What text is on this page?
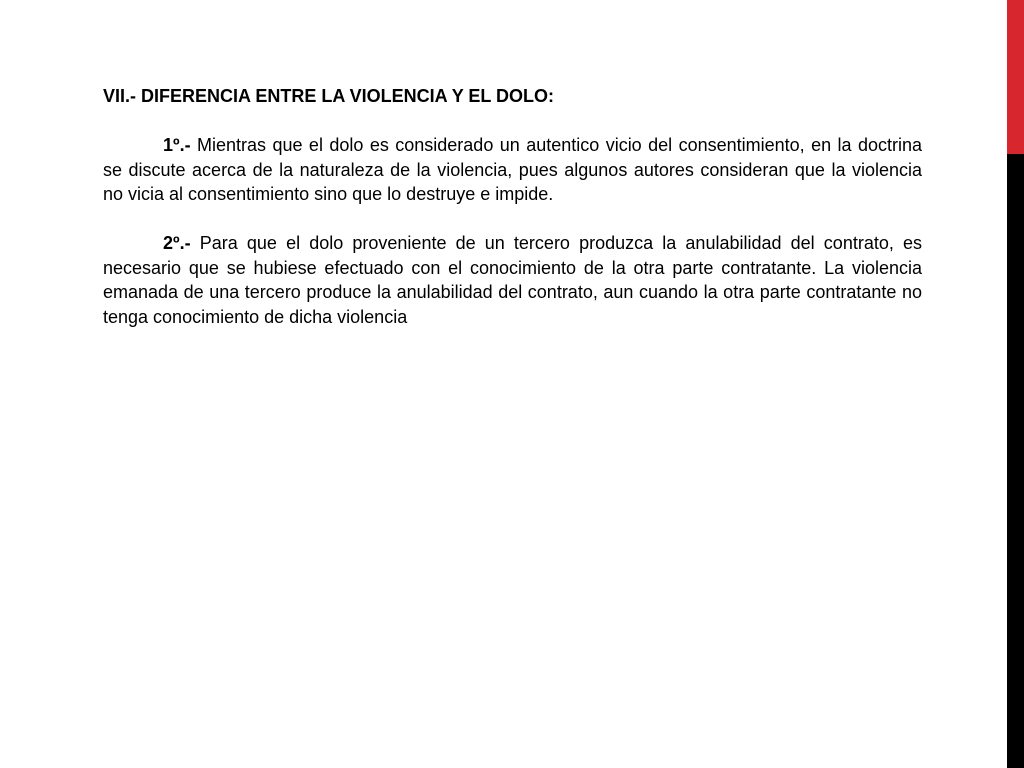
VII.- DIFERENCIA ENTRE LA VIOLENCIA Y EL DOLO:

1º.- Mientras que el dolo es considerado un autentico vicio del consentimiento, en la doctrina se discute acerca de la naturaleza de la violencia, pues algunos autores consideran que la violencia no vicia al consentimiento sino que lo destruye e impide.

2º.- Para que el dolo proveniente de un tercero produzca la anulabilidad del contrato, es necesario que se hubiese efectuado con el conocimiento de la otra parte contratante. La violencia emanada de una tercero produce la anulabilidad del contrato, aun cuando la otra parte contratante no tenga conocimiento de dicha violencia
